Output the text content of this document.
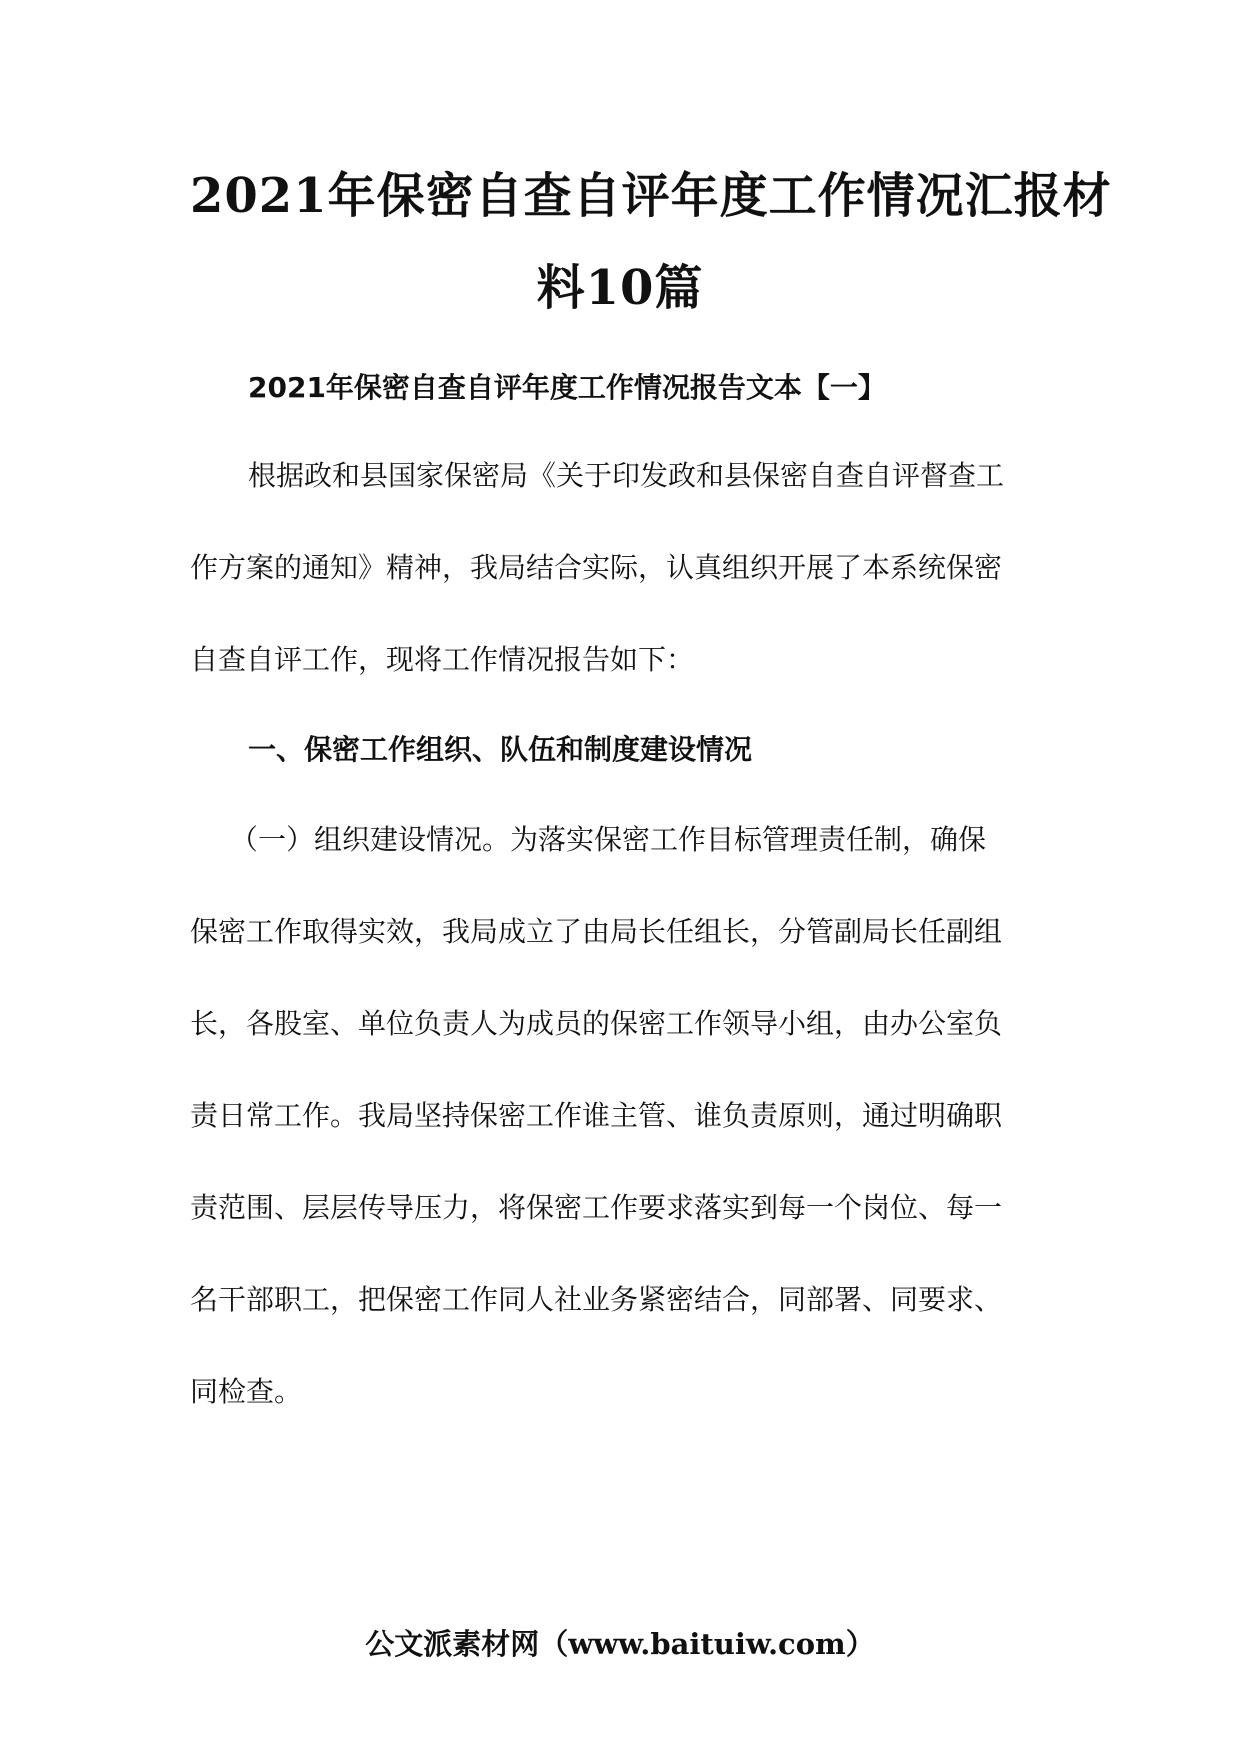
2021年保密自查自评年度工作情况汇报材
料10篇
2021年保密自查自评年度工作情况报告文本【一】

根据政和县国家保密局《关于印发政和县保密自查自评督查工

作方案的通知》精神，我局结合实际，认真组织开展了本系统保密

自查自评工作，现将工作情况报告如下：

一、保密工作组织、队伍和制度建设情况

（一）组织建设情况。为落实保密工作目标管理责任制，确保

保密工作取得实效，我局成立了由局长任组长，分管副局长任副组

长，各股室、单位负责人为成员的保密工作领导小组，由办公室负

责日常工作。我局坚持保密工作谁主管、谁负责原则，通过明确职

责范围、层层传导压力，将保密工作要求落实到每一个岗位、每一

名干部职工，把保密工作同人社业务紧密结合，同部署、同要求、

同检查。

公文派素材网（www.baituiw.com）
